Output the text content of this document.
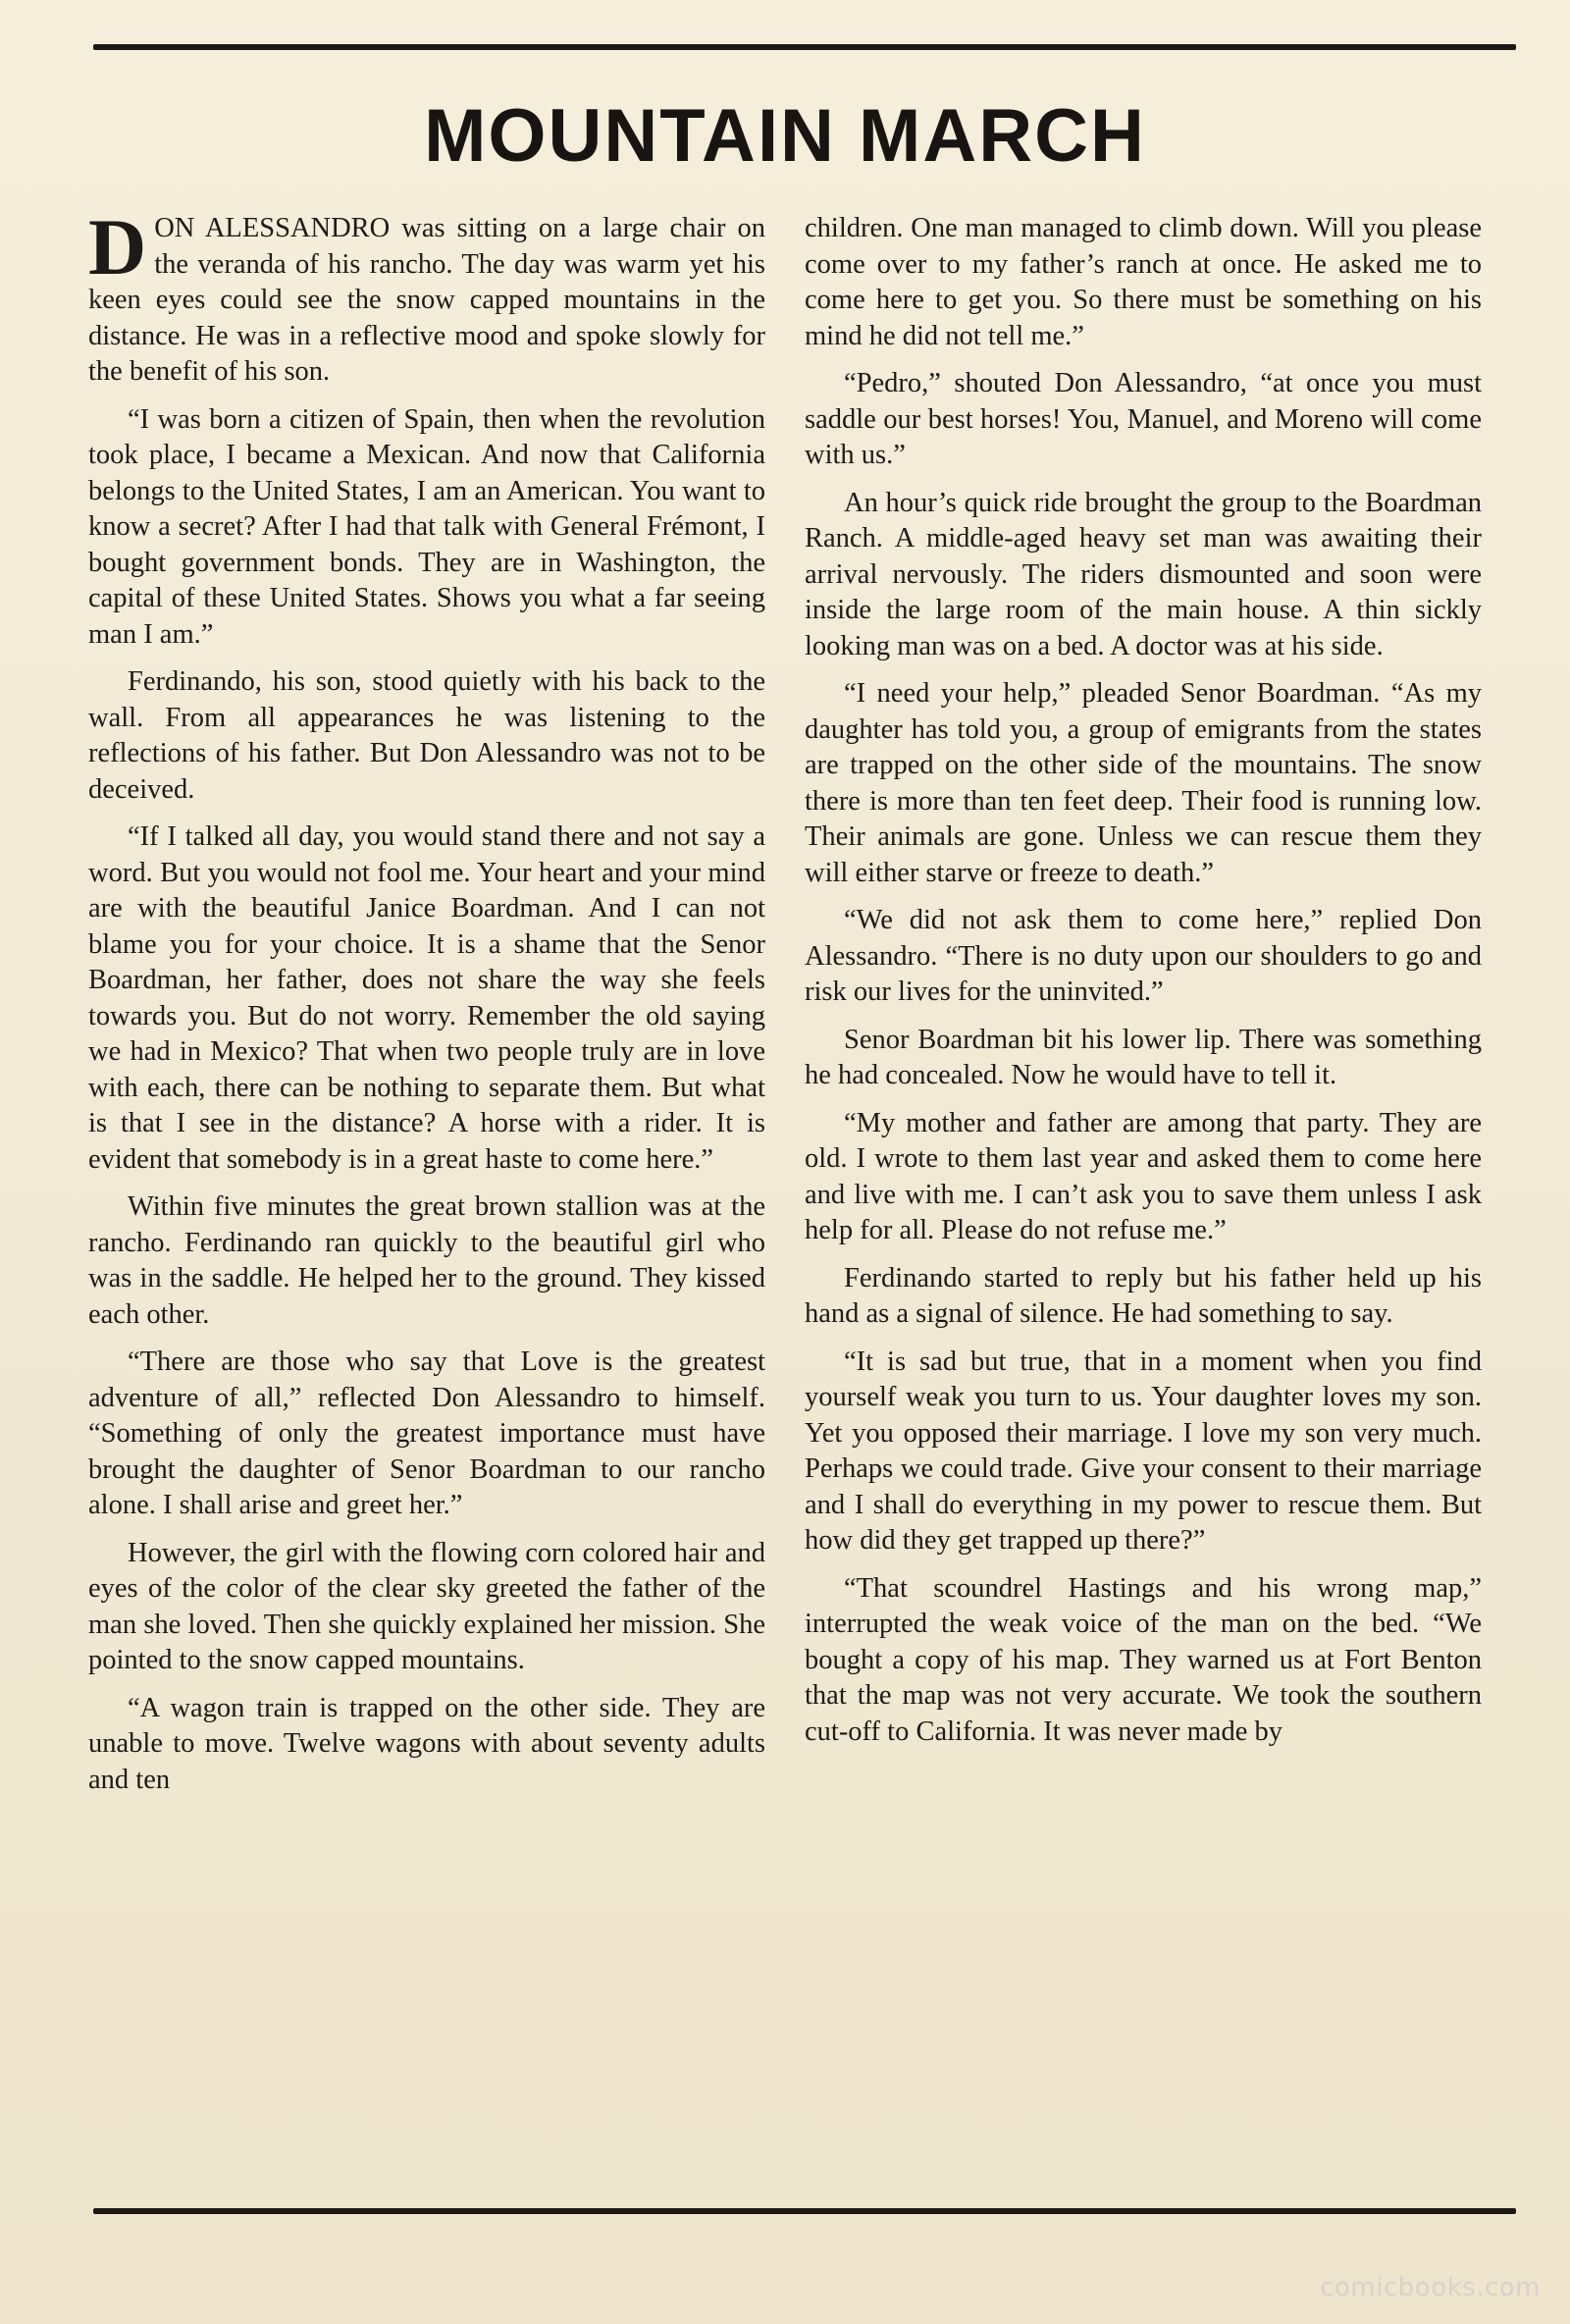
MOUNTAIN MARCH

DON ALESSANDRO was sitting on a large chair on the veranda of his rancho. The day was warm yet his keen eyes could see the snow capped mountains in the distance. He was in a reflective mood and spoke slowly for the benefit of his son.

“I was born a citizen of Spain, then when the revolution took place, I became a Mexican. And now that California belongs to the United States, I am an American. You want to know a secret? After I had that talk with General Frémont, I bought government bonds. They are in Washington, the capital of these United States. Shows you what a far seeing man I am.”

Ferdinando, his son, stood quietly with his back to the wall. From all appearances he was listening to the reflections of his father. But Don Alessandro was not to be deceived.

“If I talked all day, you would stand there and not say a word. But you would not fool me. Your heart and your mind are with the beautiful Janice Boardman. And I can not blame you for your choice. It is a shame that the Senor Boardman, her father, does not share the way she feels towards you. But do not worry. Remember the old saying we had in Mexico? That when two people truly are in love with each, there can be nothing to separate them. But what is that I see in the distance? A horse with a rider. It is evident that somebody is in a great haste to come here.”

Within five minutes the great brown stallion was at the rancho. Ferdinando ran quickly to the beautiful girl who was in the saddle. He helped her to the ground. They kissed each other.

“There are those who say that Love is the greatest adventure of all,” reflected Don Alessandro to himself. “Something of only the greatest importance must have brought the daughter of Senor Boardman to our rancho alone. I shall arise and greet her.”

However, the girl with the flowing corn colored hair and eyes of the color of the clear sky greeted the father of the man she loved. Then she quickly explained her mission. She pointed to the snow capped mountains.

“A wagon train is trapped on the other side. They are unable to move. Twelve wagons with about seventy adults and ten

children. One man managed to climb down. Will you please come over to my father’s ranch at once. He asked me to come here to get you. So there must be something on his mind he did not tell me.”

“Pedro,” shouted Don Alessandro, “at once you must saddle our best horses! You, Manuel, and Moreno will come with us.”

An hour’s quick ride brought the group to the Boardman Ranch. A middle-aged heavy set man was awaiting their arrival nervously. The riders dismounted and soon were inside the large room of the main house. A thin sickly looking man was on a bed. A doctor was at his side.

“I need your help,” pleaded Senor Boardman. “As my daughter has told you, a group of emigrants from the states are trapped on the other side of the mountains. The snow there is more than ten feet deep. Their food is running low. Their animals are gone. Unless we can rescue them they will either starve or freeze to death.”

“We did not ask them to come here,” replied Don Alessandro. “There is no duty upon our shoulders to go and risk our lives for the uninvited.”

Senor Boardman bit his lower lip. There was something he had concealed. Now he would have to tell it.

“My mother and father are among that party. They are old. I wrote to them last year and asked them to come here and live with me. I can’t ask you to save them unless I ask help for all. Please do not refuse me.”

Ferdinando started to reply but his father held up his hand as a signal of silence. He had something to say.

“It is sad but true, that in a moment when you find yourself weak you turn to us. Your daughter loves my son. Yet you opposed their marriage. I love my son very much. Perhaps we could trade. Give your consent to their marriage and I shall do everything in my power to rescue them. But how did they get trapped up there?”

“That scoundrel Hastings and his wrong map,” interrupted the weak voice of the man on the bed. “We bought a copy of his map. They warned us at Fort Benton that the map was not very accurate. We took the southern cut-off to California. It was never made by

comicbooks.com
